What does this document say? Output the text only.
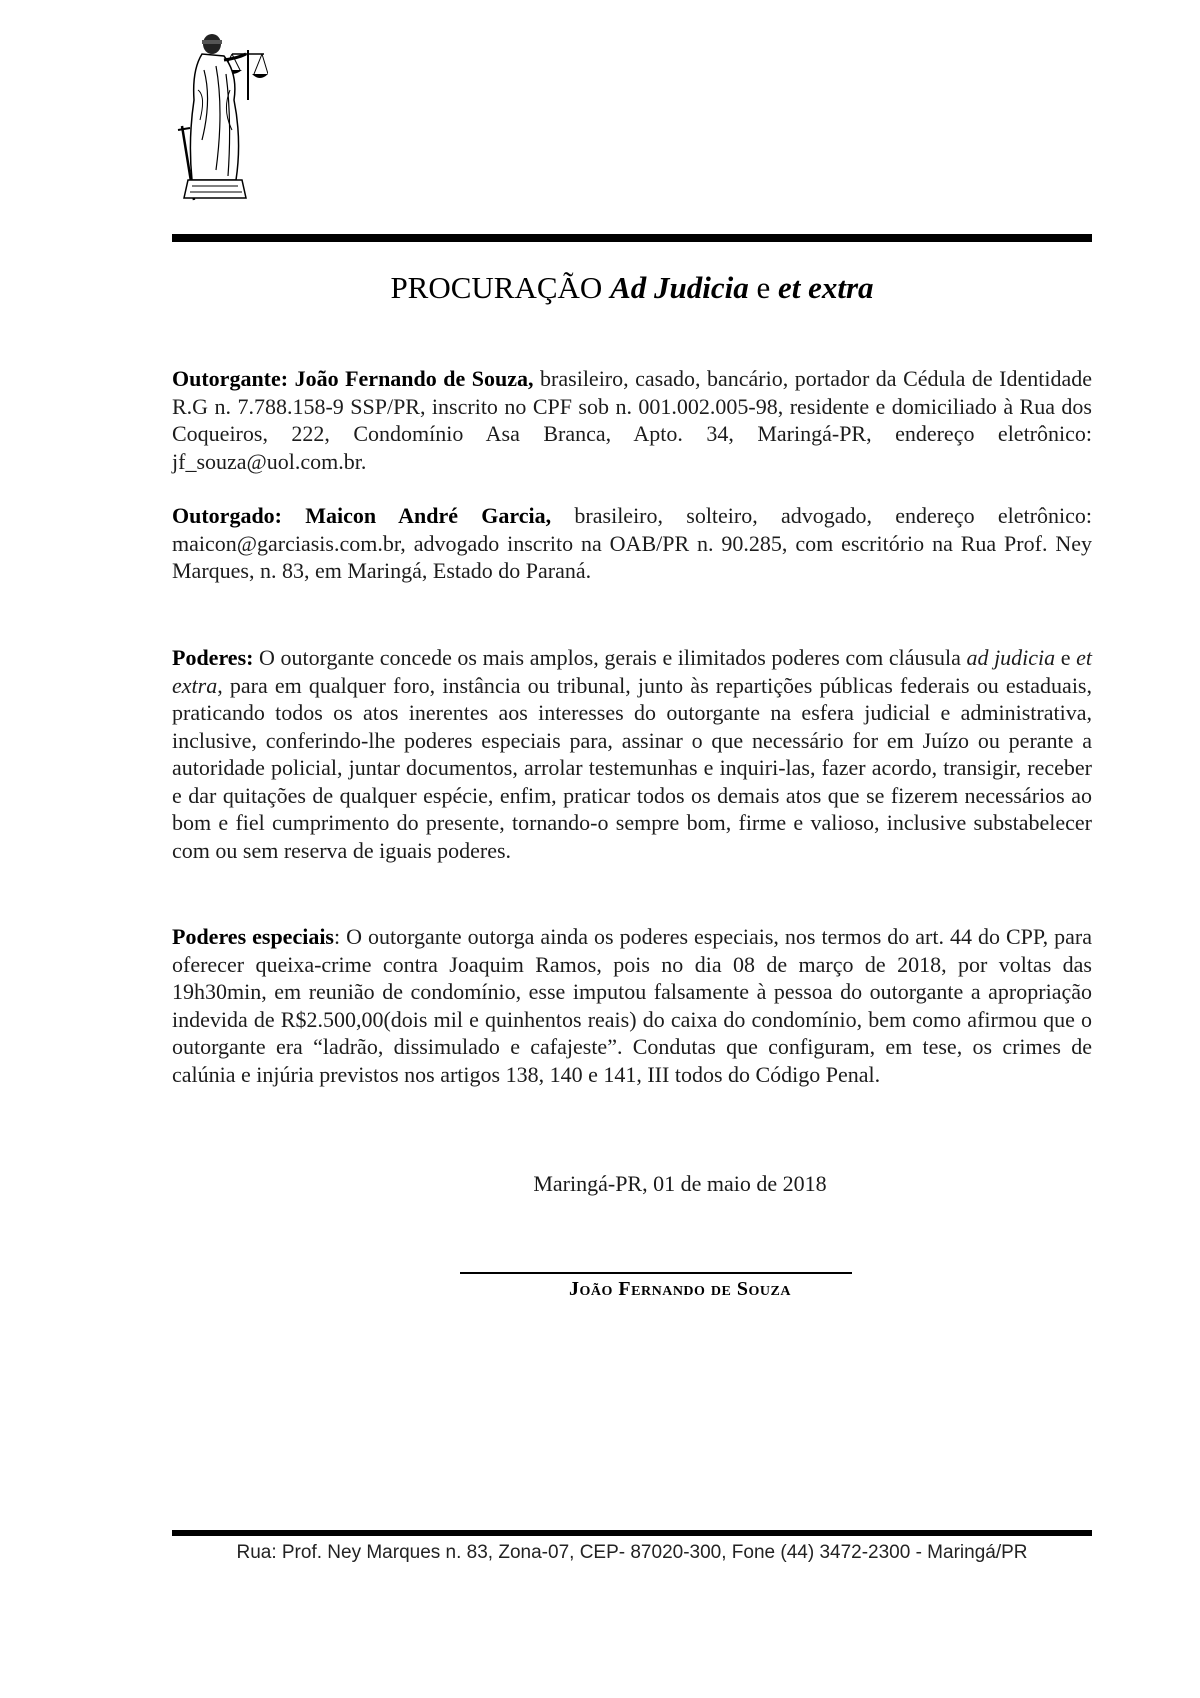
PROCURAÇÃO Ad Judicia e et extra

Outorgante: João Fernando de Souza, brasileiro, casado, bancário, portador da Cédula de Identidade R.G n. 7.788.158-9 SSP/PR, inscrito no CPF sob n. 001.002.005-98, residente e domiciliado à Rua dos Coqueiros, 222, Condomínio Asa Branca, Apto. 34, Maringá-PR, endereço eletrônico: jf_souza@uol.com.br.

Outorgado: Maicon André Garcia, brasileiro, solteiro, advogado, endereço eletrônico: maicon@garciasis.com.br, advogado inscrito na OAB/PR n. 90.285, com escritório na Rua Prof. Ney Marques, n. 83, em Maringá, Estado do Paraná.

Poderes: O outorgante concede os mais amplos, gerais e ilimitados poderes com cláusula ad judicia e et extra, para em qualquer foro, instância ou tribunal, junto às repartições públicas federais ou estaduais, praticando todos os atos inerentes aos interesses do outorgante na esfera judicial e administrativa, inclusive, conferindo-lhe poderes especiais para, assinar o que necessário for em Juízo ou perante a autoridade policial, juntar documentos, arrolar testemunhas e inquiri-las, fazer acordo, transigir, receber e dar quitações de qualquer espécie, enfim, praticar todos os demais atos que se fizerem necessários ao bom e fiel cumprimento do presente, tornando-o sempre bom, firme e valioso, inclusive substabelecer com ou sem reserva de iguais poderes.

Poderes especiais: O outorgante outorga ainda os poderes especiais, nos termos do art. 44 do CPP, para oferecer queixa-crime contra Joaquim Ramos, pois no dia 08 de março de 2018, por voltas das 19h30min, em reunião de condomínio, esse imputou falsamente à pessoa do outorgante a apropriação indevida de R$2.500,00(dois mil e quinhentos reais) do caixa do condomínio, bem como afirmou que o outorgante era “ladrão, dissimulado e cafajeste”. Condutas que configuram, em tese, os crimes de calúnia e injúria previstos nos artigos 138, 140 e 141, III todos do Código Penal.

Maringá-PR, 01 de maio de 2018
João Fernando de Souza
Rua: Prof. Ney Marques n. 83, Zona-07, CEP- 87020-300, Fone (44) 3472-2300 - Maringá/PR
